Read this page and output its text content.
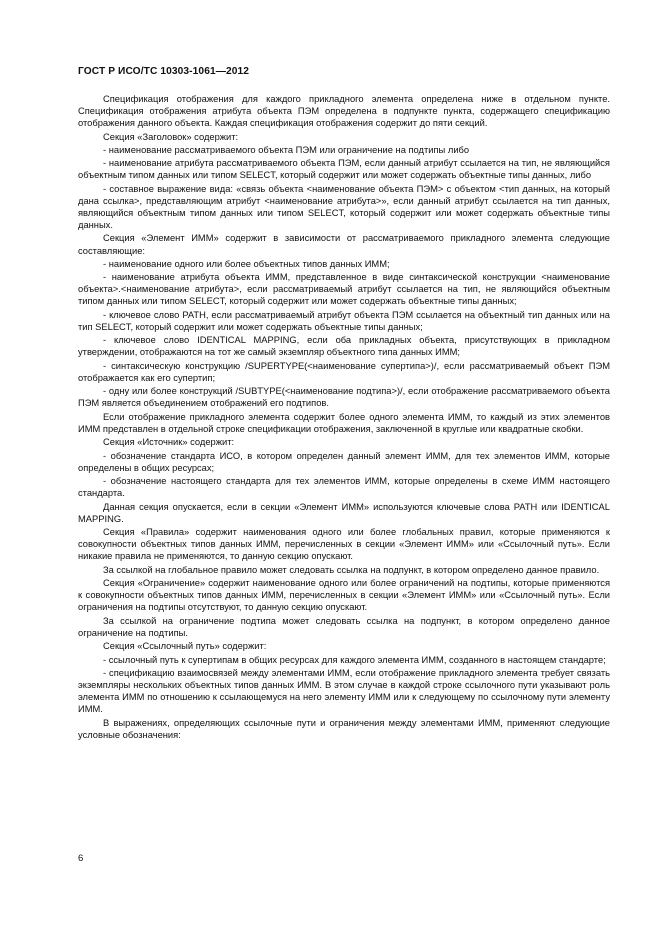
ГОСТ Р ИСО/ТС 10303-1061—2012

Спецификация отображения для каждого прикладного элемента определена ниже в отдельном пункте. Спецификация отображения атрибута объекта ПЭМ определена в подпункте пункта, содержащего спецификацию отображения данного объекта. Каждая спецификация отображения содержит до пяти секций.

Секция «Заголовок» содержит:

- наименование рассматриваемого объекта ПЭМ или ограничение на подтипы либо

- наименование атрибута рассматриваемого объекта ПЭМ, если данный атрибут ссылается на тип, не являющийся объектным типом данных или типом SELECT, который содержит или может содержать объектные типы данных, либо

- составное выражение вида: «связь объекта <наименование объекта ПЭМ> с объектом <тип данных, на который дана ссылка>, представляющим атрибут <наименование атрибута>», если данный атрибут ссылается на тип данных, являющийся объектным типом данных или типом SELECT, который содержит или может содержать объектные типы данных.

Секция «Элемент ИММ» содержит в зависимости от рассматриваемого прикладного элемента следующие составляющие:

- наименование одного или более объектных типов данных ИММ;

- наименование атрибута объекта ИММ, представленное в виде синтаксической конструкции <наименование объекта>.<наименование атрибута>, если рассматриваемый атрибут ссылается на тип, не являющийся объектным типом данных или типом SELECT, который содержит или может содержать объектные типы данных;

- ключевое слово PATH, если рассматриваемый атрибут объекта ПЭМ ссылается на объектный тип данных или на тип SELECT, который содержит или может содержать объектные типы данных;

- ключевое слово IDENTICAL MAPPING, если оба прикладных объекта, присутствующих в прикладном утверждении, отображаются на тот же самый экземпляр объектного типа данных ИММ;

- синтаксическую конструкцию /SUPERTYPE(<наименование супертипа>)/, если рассматриваемый объект ПЭМ отображается как его супертип;

- одну или более конструкций /SUBTYPE(<наименование подтипа>)/, если отображение рассматриваемого объекта ПЭМ является объединением отображений его подтипов.

Если отображение прикладного элемента содержит более одного элемента ИММ, то каждый из этих элементов ИММ представлен в отдельной строке спецификации отображения, заключенной в круглые или квадратные скобки.

Секция «Источник» содержит:

- обозначение стандарта ИСО, в котором определен данный элемент ИММ, для тех элементов ИММ, которые определены в общих ресурсах;

- обозначение настоящего стандарта для тех элементов ИММ, которые определены в схеме ИММ настоящего стандарта.

Данная секция опускается, если в секции «Элемент ИММ» используются ключевые слова PATH или IDENTICAL MAPPING.

Секция «Правила» содержит наименования одного или более глобальных правил, которые применяются к совокупности объектных типов данных ИММ, перечисленных в секции «Элемент ИММ» или «Ссылочный путь». Если никакие правила не применяются, то данную секцию опускают.

За ссылкой на глобальное правило может следовать ссылка на подпункт, в котором определено данное правило.

Секция «Ограничение» содержит наименование одного или более ограничений на подтипы, которые применяются к совокупности объектных типов данных ИММ, перечисленных в секции «Элемент ИММ» или «Ссылочный путь». Если ограничения на подтипы отсутствуют, то данную секцию опускают.

За ссылкой на ограничение подтипа может следовать ссылка на подпункт, в котором определено данное ограничение на подтипы.

Секция «Ссылочный путь» содержит:

- ссылочный путь к супертипам в общих ресурсах для каждого элемента ИММ, созданного в настоящем стандарте;

- спецификацию взаимосвязей между элементами ИММ, если отображение прикладного элемента требует связать экземпляры нескольких объектных типов данных ИММ. В этом случае в каждой строке ссылочного пути указывают роль элемента ИММ по отношению к ссылающемуся на него элементу ИММ или к следующему по ссылочному пути элементу ИММ.

В выражениях, определяющих ссылочные пути и ограничения между элементами ИММ, применяют следующие условные обозначения:

6
